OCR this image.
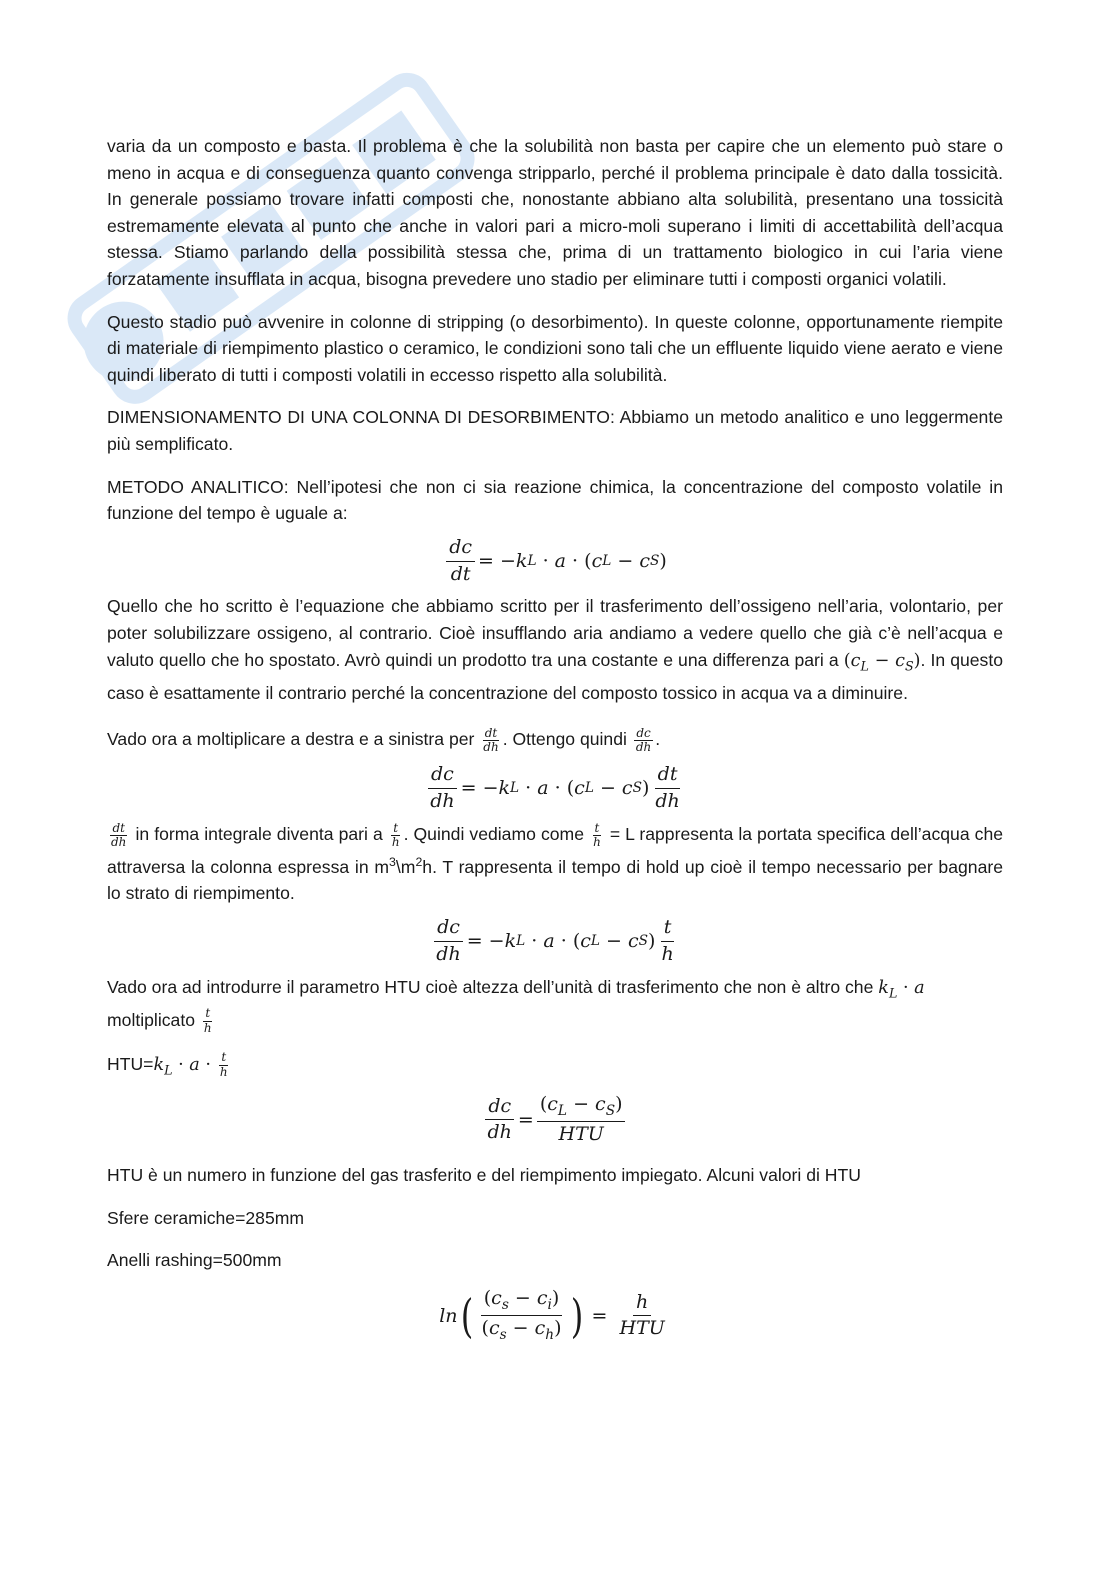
varia da un composto e basta. Il problema è che la solubilità non basta per capire che un elemento può stare o meno in acqua e di conseguenza quanto convenga stripparlo, perché il problema principale è dato dalla tossicità. In generale possiamo trovare infatti composti che, nonostante abbiano alta solubilità, presentano una tossicità estremamente elevata al punto che anche in valori pari a micro-moli superano i limiti di accettabilità dell’acqua stessa. Stiamo parlando della possibilità stessa che, prima di un trattamento biologico in cui l’aria viene forzatamente insufflata in acqua, bisogna prevedere uno stadio per eliminare tutti i composti organici volatili.

Questo stadio può avvenire in colonne di stripping (o desorbimento). In queste colonne, opportunamente riempite di materiale di riempimento plastico o ceramico, le condizioni sono tali che un effluente liquido viene aerato e viene quindi liberato di tutti i composti volatili in eccesso rispetto alla solubilità.

DIMENSIONAMENTO DI UNA COLONNA DI DESORBIMENTO: Abbiamo un metodo analitico e uno leggermente più semplificato.

METODO ANALITICO: Nell’ipotesi che non ci sia reazione chimica, la concentrazione del composto volatile in funzione del tempo è uguale a:

$\frac{dc}{dt}$ =
− k L
·
a
·
( c L
−
c S )

Quello che ho scritto è l’equazione che abbiamo scritto per il trasferimento dell’ossigeno nell’aria, volontario, per poter solubilizzare ossigeno, al contrario. Cioè insufflando aria andiamo a vedere quello che già c’è nell’acqua e valuto quello che ho spostato. Avrò quindi un prodotto tra una costante e una differenza pari a $(c_L - c_S)$. In questo caso è esattamente il contrario perché la concentrazione del composto tossico in acqua va a diminuire.

Vado ora a moltiplicare a destra e a sinistra per $\frac{dt}{dh}$ . Ottengo quindi $\frac{dc}{dh}$ .

$\frac{dc}{dh}$ =
− k L
·
a
·
( c L
−
c S ) $\frac{dt}{dh}$

$\frac{dt}{dh}$ in forma integrale diventa pari a $\frac{t}{h}$ . Quindi vediamo come $\frac{t}{h} = L$ rappresenta la portata specifica dell’acqua che attraversa la colonna espressa in $m^3\backslash m^2h$. T rappresenta il tempo di hold up cioè il tempo necessario per bagnare lo strato di riempimento.

$\frac{dc}{dh}$ =
− k L
·
a
·
( c L
−
c S ) $\frac{t}{h}$

Vado ora ad introdurre il parametro HTU cioè altezza dell’unità di trasferimento che non è altro che $k_L \cdot a$
moltiplicato $\frac{t}{h}$

$HTU=k_L \cdot a \cdot \frac{t}{h}$

$\frac{dc}{dh} = \frac{(c_L - c_S)}{\text{HTU}}$

HTU è un numero in funzione del gas trasferito e del riempimento impiegato. Alcuni valori di HTU

Sfere ceramiche=285mm

Anelli rashing=500mm

ln ( $\frac{(c_s - c_i)}{(c_s - c_h)}$ )
=
$\frac{h}{\text{HTU}}$
